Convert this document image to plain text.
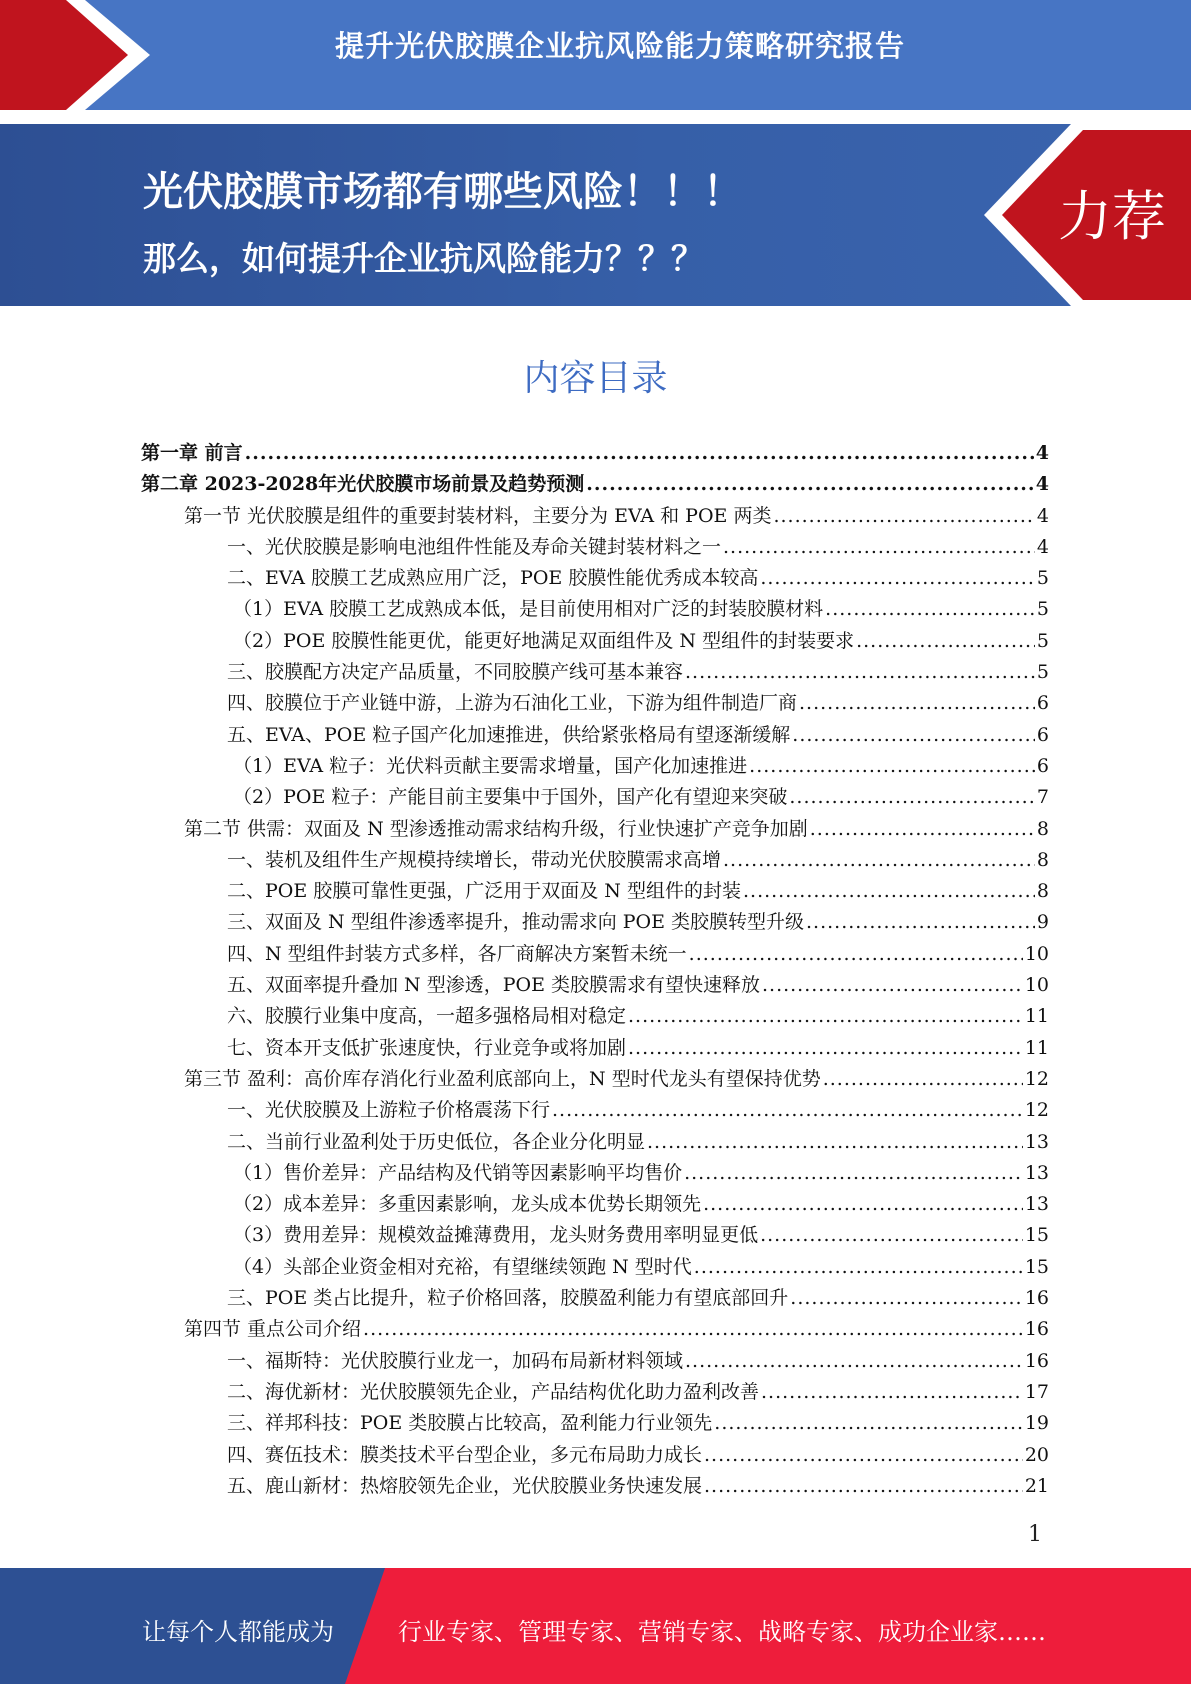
提升光伏胶膜企业抗风险能力策略研究报告
光伏胶膜市场都有哪些风险！！！
那么，如何提升企业抗风险能力？？？
力荐
内容目录
第一章 前言 .....	4
第二章 2023-2028年光伏胶膜市场前景及趋势预测 .....	4
第一节 光伏胶膜是组件的重要封装材料，主要分为 EVA 和 POE 两类 .....	4
一、光伏胶膜是影响电池组件性能及寿命关键封装材料之一 .....	4
二、EVA 胶膜工艺成熟应用广泛，POE 胶膜性能优秀成本较高 .....	5
（1）EVA 胶膜工艺成熟成本低，是目前使用相对广泛的封装胶膜材料 .....	5
（2）POE 胶膜性能更优，能更好地满足双面组件及 N 型组件的封装要求 .....	5
三、胶膜配方决定产品质量，不同胶膜产线可基本兼容 .....	5
四、胶膜位于产业链中游，上游为石油化工业，下游为组件制造厂商 .....	6
五、EVA、POE 粒子国产化加速推进，供给紧张格局有望逐渐缓解 .....	6
（1）EVA 粒子：光伏料贡献主要需求增量，国产化加速推进 .....	6
（2）POE 粒子：产能目前主要集中于国外，国产化有望迎来突破 .....	7
第二节 供需：双面及 N 型渗透推动需求结构升级，行业快速扩产竞争加剧 .....	8
一、装机及组件生产规模持续增长，带动光伏胶膜需求高增 .....	8
二、POE 胶膜可靠性更强，广泛用于双面及 N 型组件的封装 .....	8
三、双面及 N 型组件渗透率提升，推动需求向 POE 类胶膜转型升级 .....	9
四、N 型组件封装方式多样，各厂商解决方案暂未统一 .....	10
五、双面率提升叠加 N 型渗透，POE 类胶膜需求有望快速释放 .....	10
六、胶膜行业集中度高，一超多强格局相对稳定 .....	11
七、资本开支低扩张速度快，行业竞争或将加剧 .....	11
第三节 盈利：高价库存消化行业盈利底部向上，N 型时代龙头有望保持优势 .....	12
一、光伏胶膜及上游粒子价格震荡下行 .....	12
二、当前行业盈利处于历史低位，各企业分化明显 .....	13
（1）售价差异：产品结构及代销等因素影响平均售价 .....	13
（2）成本差异：多重因素影响，龙头成本优势长期领先 .....	13
（3）费用差异：规模效益摊薄费用，龙头财务费用率明显更低 .....	15
（4）头部企业资金相对充裕，有望继续领跑 N 型时代 .....	15
三、POE 类占比提升，粒子价格回落，胶膜盈利能力有望底部回升 .....	16
第四节 重点公司介绍 .....	16
一、福斯特：光伏胶膜行业龙一，加码布局新材料领域 .....	16
二、海优新材：光伏胶膜领先企业，产品结构优化助力盈利改善 .....	17
三、祥邦科技：POE 类胶膜占比较高，盈利能力行业领先 .....	19
四、赛伍技术：膜类技术平台型企业，多元布局助力成长 .....	20
五、鹿山新材：热熔胶领先企业，光伏胶膜业务快速发展 .....	21
1
让每个人都能成为	行业专家、管理专家、营销专家、战略专家、成功企业家……
